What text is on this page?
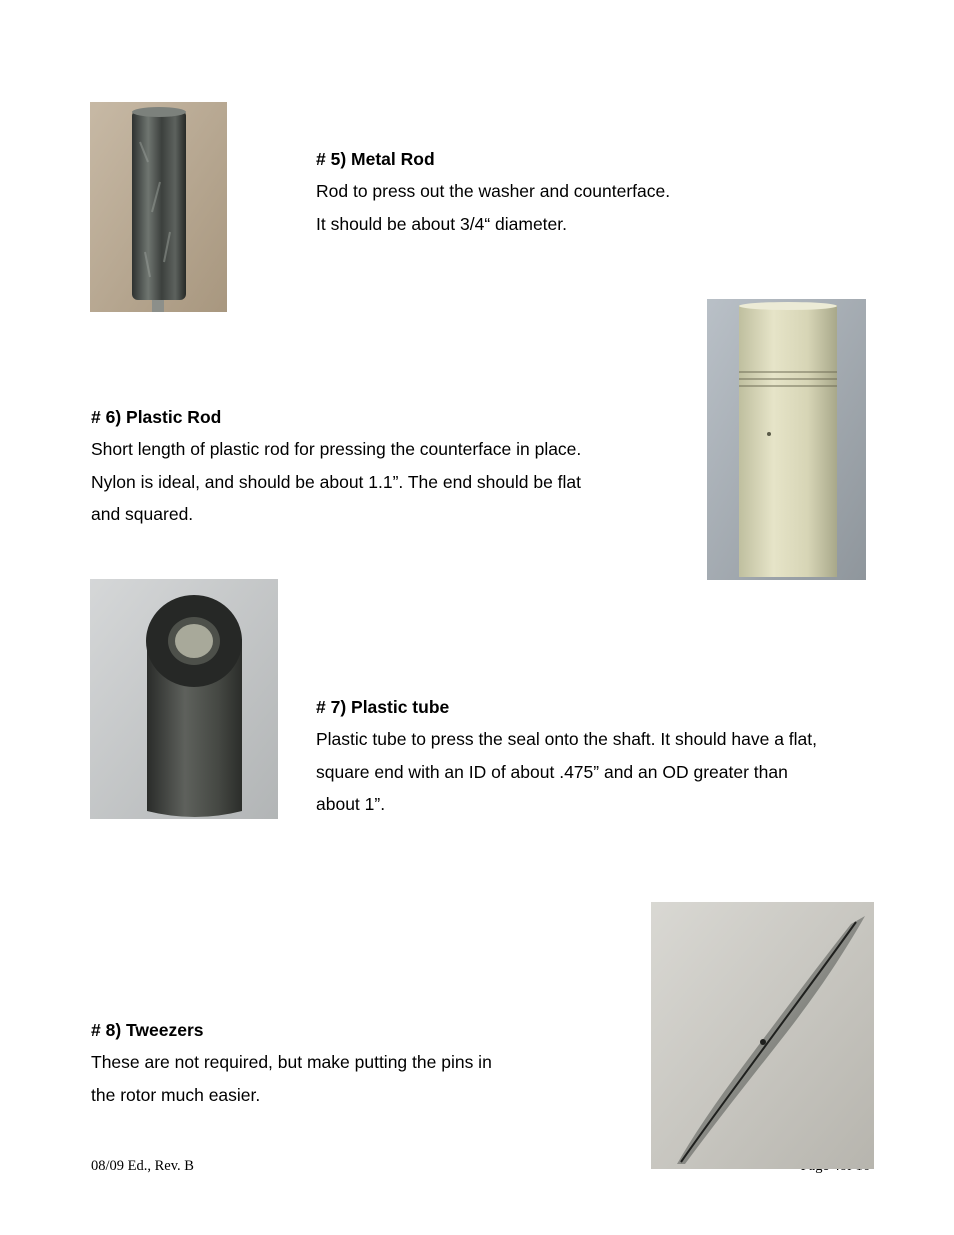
# 5) Metal Rod
Rod to press out the washer and counterface.
It should be about 3/4“ diameter.
# 6) Plastic Rod
Short length of plastic rod for pressing the counterface in place.
Nylon is ideal, and should be about 1.1”. The end should be flat
and squared.
# 7) Plastic tube
Plastic tube to press the seal onto the shaft. It should have a flat,
square end with an ID of about .475” and an OD greater than
about 1”.
# 8) Tweezers
These are not required, but make putting the pins in
the rotor much easier.
08/09 Ed., Rev. B
